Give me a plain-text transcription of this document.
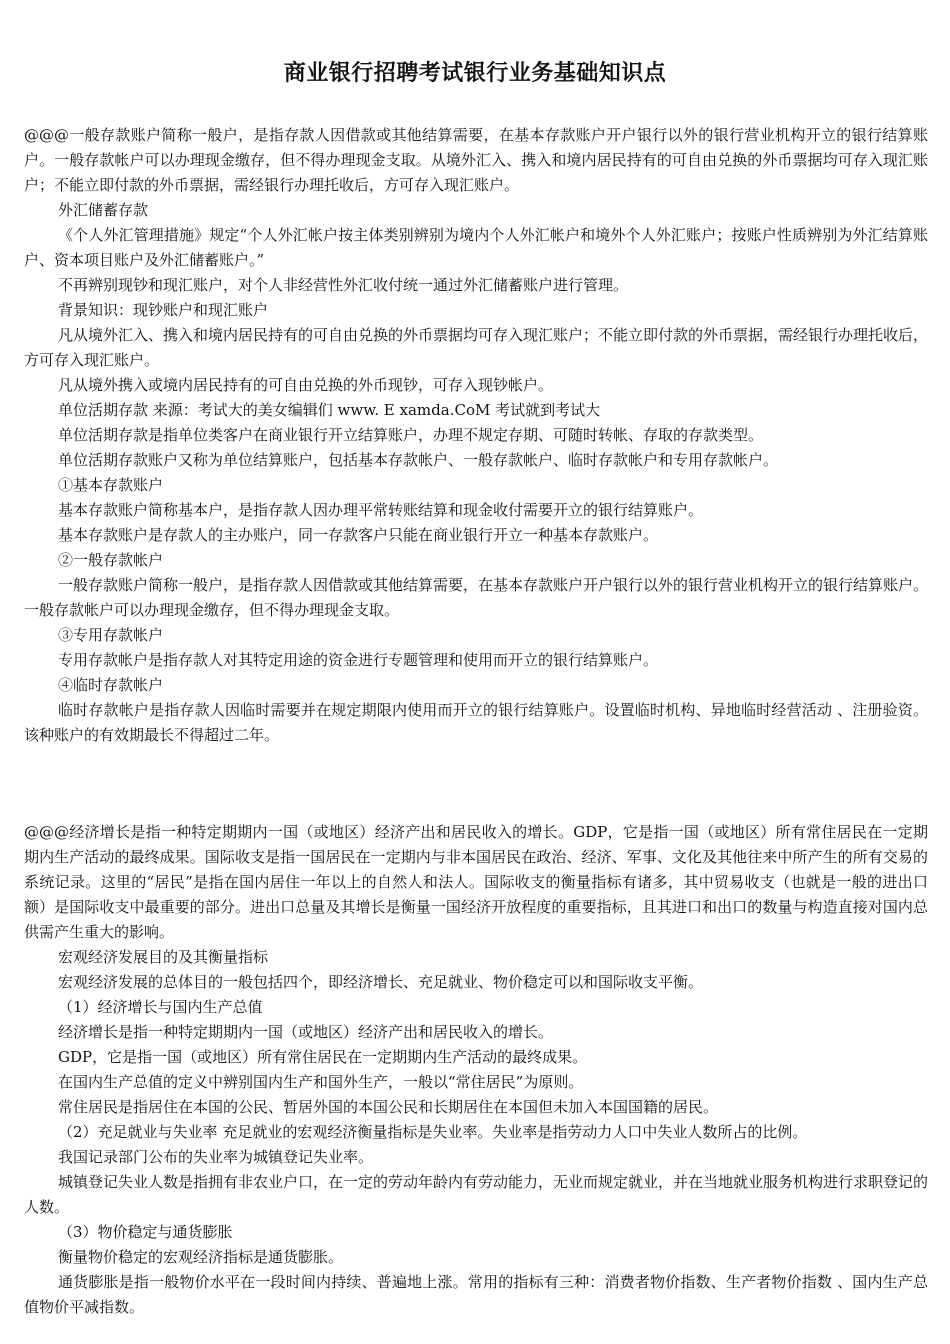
商业银行招聘考试银行业务基础知识点

@@@一般存款账户简称一般户，是指存款人因借款或其他结算需要，在基本存款账户开户银行以外的银行营业机构开立的银行结算账户。一般存款帐户可以办理现金缴存，但不得办理现金支取。从境外汇入、携入和境内居民持有的可自由兑换的外币票据均可存入现汇账户；不能立即付款的外币票据，需经银行办理托收后，方可存入现汇账户。

外汇储蓄存款

《个人外汇管理措施》规定“个人外汇帐户按主体类别辨别为境内个人外汇帐户和境外个人外汇账户；按账户性质辨别为外汇结算账户、资本项目账户及外汇储蓄账户。”

不再辨别现钞和现汇账户，对个人非经营性外汇收付统一通过外汇储蓄账户进行管理。

背景知识：现钞账户和现汇账户

凡从境外汇入、携入和境内居民持有的可自由兑换的外币票据均可存入现汇账户；不能立即付款的外币票据，需经银行办理托收后，方可存入现汇账户。

凡从境外携入或境内居民持有的可自由兑换的外币现钞，可存入现钞帐户。

单位活期存款 来源：考试大的美女编辑们 www. E xamda.CoM 考试就到考试大

单位活期存款是指单位类客户在商业银行开立结算账户，办理不规定存期、可随时转帐、存取的存款类型。

单位活期存款账户又称为单位结算账户，包括基本存款帐户、一般存款帐户、临时存款帐户和专用存款帐户。

①基本存款账户

基本存款账户简称基本户，是指存款人因办理平常转账结算和现金收付需要开立的银行结算账户。

基本存款账户是存款人的主办账户，同一存款客户只能在商业银行开立一种基本存款账户。

②一般存款帐户

一般存款账户简称一般户，是指存款人因借款或其他结算需要，在基本存款账户开户银行以外的银行营业机构开立的银行结算账户。一般存款帐户可以办理现金缴存，但不得办理现金支取。

③专用存款帐户

专用存款帐户是指存款人对其特定用途的资金进行专题管理和使用而开立的银行结算账户。

④临时存款帐户

临时存款帐户是指存款人因临时需要并在规定期限内使用而开立的银行结算账户。设置临时机构、异地临时经营活动 、注册验资。该种账户的有效期最长不得超过二年。

@@@经济增长是指一种特定期期内一国（或地区）经济产出和居民收入的增长。GDP，它是指一国（或地区）所有常住居民在一定期期内生产活动的最终成果。国际收支是指一国居民在一定期内与非本国居民在政治、经济、军事、文化及其他往来中所产生的所有交易的系统记录。这里的“居民”是指在国内居住一年以上的自然人和法人。国际收支的衡量指标有诸多，其中贸易收支（也就是一般的进出口额）是国际收支中最重要的部分。进出口总量及其增长是衡量一国经济开放程度的重要指标，且其进口和出口的数量与构造直接对国内总供需产生重大的影响。

宏观经济发展目的及其衡量指标

宏观经济发展的总体目的一般包括四个，即经济增长、充足就业、物价稳定可以和国际收支平衡。

（1）经济增长与国内生产总值

经济增长是指一种特定期期内一国（或地区）经济产出和居民收入的增长。

GDP，它是指一国（或地区）所有常住居民在一定期期内生产活动的最终成果。

在国内生产总值的定义中辨别国内生产和国外生产，一般以“常住居民”为原则。

常住居民是指居住在本国的公民、暂居外国的本国公民和长期居住在本国但未加入本国国籍的居民。

（2）充足就业与失业率 充足就业的宏观经济衡量指标是失业率。失业率是指劳动力人口中失业人数所占的比例。

我国记录部门公布的失业率为城镇登记失业率。

城镇登记失业人数是指拥有非农业户口，在一定的劳动年龄内有劳动能力，无业而规定就业，并在当地就业服务机构进行求职登记的人数。

（3）物价稳定与通货膨胀

衡量物价稳定的宏观经济指标是通货膨胀。

通货膨胀是指一般物价水平在一段时间内持续、普遍地上涨。常用的指标有三种：消费者物价指数、生产者物价指数 、国内生产总值物价平减指数。
